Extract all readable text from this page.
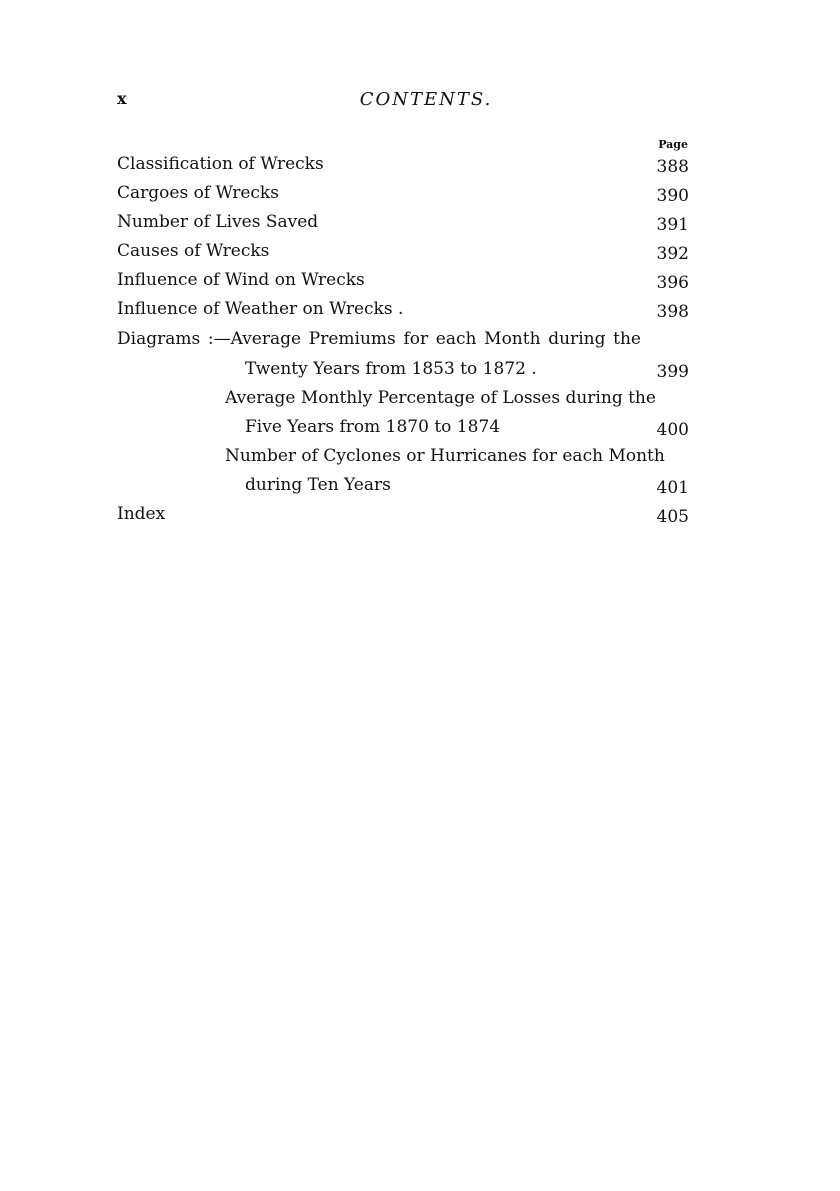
x	CONTENTS.
Page
Classification of Wrecks	388
Cargoes of Wrecks	390
Number of Lives Saved	391
Causes of Wrecks	392
Influence of Wind on Wrecks	396
Influence of Weather on Wrecks .	398
Diagrams :—Average Premiums for each Month during the
Twenty Years from 1853 to 1872 .	399
Average Monthly Percentage of Losses during the
Five Years from 1870 to 1874	400
Number of Cyclones or Hurricanes for each Month
during Ten Years	401
Index	405
